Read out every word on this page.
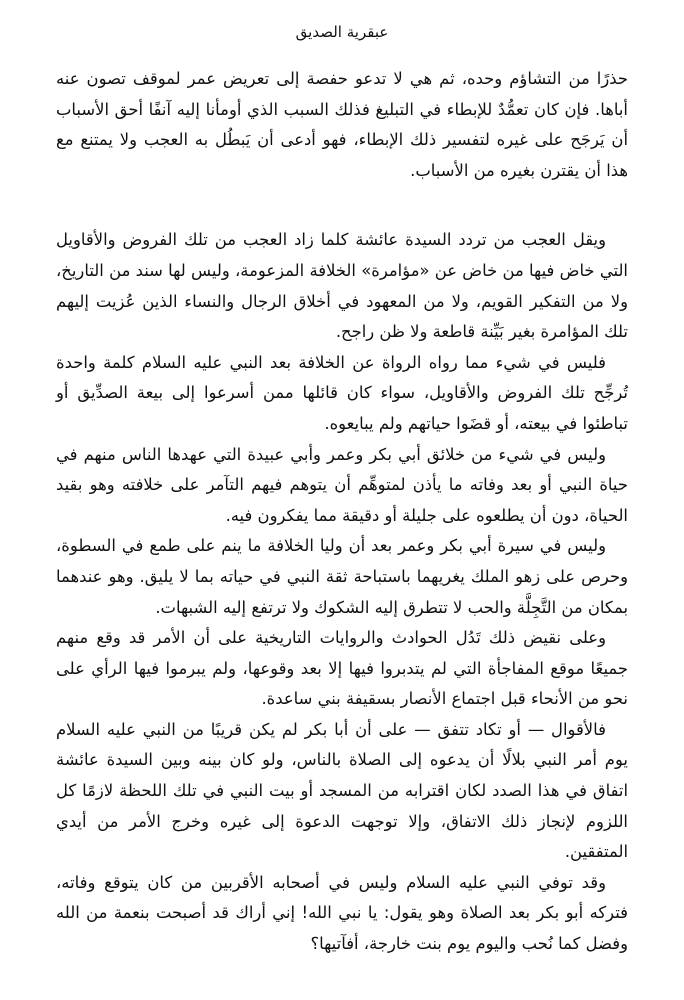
عبقرية الصديق

حذرًا من التشاؤم وحده، ثم هي لا تدعو حفصة إلى تعريض عمر لموقف تصون عنه أباها. فإن كان تعمُّدٌ للإبطاء في التبليغ فذلك السبب الذي أومأنا إليه آنفًا أحق الأسباب أن يَرجَح على غيره لتفسير ذلك الإبطاء، فهو أدعى أن يَبطُل به العجب ولا يمتنع مع هذا أن يقترن بغيره من الأسباب.

ويقل العجب من تردد السيدة عائشة كلما زاد العجب من تلك الفروض والأقاويل التي خاض فيها من خاض عن «مؤامرة» الخلافة المزعومة، وليس لها سند من التاريخ، ولا من التفكير القويم، ولا من المعهود في أخلاق الرجال والنساء الذين عُزيت إليهم تلك المؤامرة بغير بَيِّنة قاطعة ولا ظن راجح.

فليس في شيء مما رواه الرواة عن الخلافة بعد النبي عليه السلام كلمة واحدة تُرجِّح تلك الفروض والأقاويل، سواء كان قائلها ممن أسرعوا إلى بيعة الصدِّيق أو تباطئوا في بيعته، أو قضَوا حياتهم ولم يبايعوه.

وليس في شيء من خلائق أبي بكر وعمر وأبي عبيدة التي عهدها الناس منهم في حياة النبي أو بعد وفاته ما يأذن لمتوهِّم أن يتوهم فيهم التآمر على خلافته وهو بقيد الحياة، دون أن يطلعوه على جليلة أو دقيقة مما يفكرون فيه.

وليس في سيرة أبي بكر وعمر بعد أن وليا الخلافة ما ينم على طمع في السطوة، وحرص على زهو الملك يغريهما باستباحة ثقة النبي في حياته بما لا يليق. وهو عندهما بمكان من التَّجِلَّة والحب لا تتطرق إليه الشكوك ولا ترتفع إليه الشبهات.

وعلى نقيض ذلك تَدُل الحوادث والروايات التاريخية على أن الأمر قد وقع منهم جميعًا موقع المفاجأة التي لم يتدبروا فيها إلا بعد وقوعها، ولم يبرموا فيها الرأي على نحو من الأنحاء قبل اجتماع الأنصار بسقيفة بني ساعدة.

فالأقوال — أو تكاد تتفق — على أن أبا بكر لم يكن قريبًا من النبي عليه السلام يوم أمر النبي بلالًا أن يدعوه إلى الصلاة بالناس، ولو كان بينه وبين السيدة عائشة اتفاق في هذا الصدد لكان اقترابه من المسجد أو بيت النبي في تلك اللحظة لازمًا كل اللزوم لإنجاز ذلك الاتفاق، وإلا توجهت الدعوة إلى غيره وخرج الأمر من أيدي المتفقين.

وقد توفي النبي عليه السلام وليس في أصحابه الأقربين من كان يتوقع وفاته، فتركه أبو بكر بعد الصلاة وهو يقول: يا نبي الله! إني أراك قد أصبحت بنعمة من الله وفضل كما نُحب واليوم يوم بنت خارجة، أفآتيها؟
